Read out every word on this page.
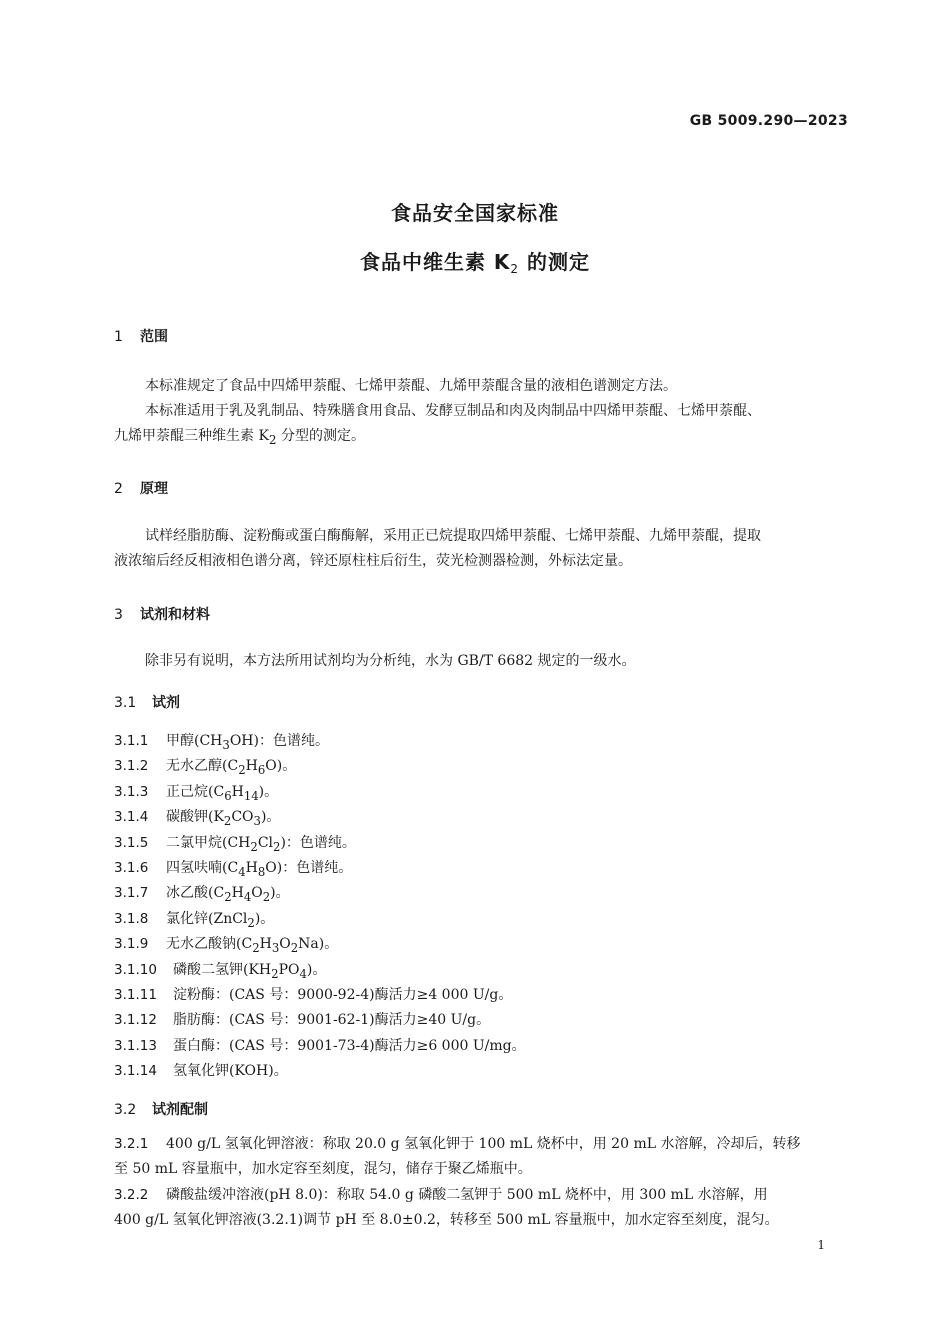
GB 5009.290—2023
食品安全国家标准
食品中维生素 $K_2$ 的测定
1 范围
本标准规定了食品中四烯甲萘醌、七烯甲萘醌、九烯甲萘醌含量的液相色谱测定方法。
本标准适用于乳及乳制品、特殊膳食用食品、发酵豆制品和肉及肉制品中四烯甲萘醌、七烯甲萘醌、
九烯甲萘醌三种维生素 K2 分型的测定。
2 原理
试样经脂肪酶、淀粉酶或蛋白酶酶解，采用正已烷提取四烯甲萘醌、七烯甲萘醌、九烯甲萘醌，提取
液浓缩后经反相液相色谱分离，锌还原柱柱后衍生，荧光检测器检测，外标法定量。
3 试剂和材料
除非另有说明，本方法所用试剂均为分析纯，水为 GB/T 6682 规定的一级水。
3.1 试剂
3.1.1 甲醇$(CH_3OH)$：色谱纯。
3.1.2 无水乙醇$(C_2H_6O)$。
3.1.3 正己烷$(C_6H_{14})$。
3.1.4 碳酸钾$(K_2CO_3)$。
3.1.5 二氯甲烷$(CH_2Cl_2)$：色谱纯。
3.1.6 四氢呋喃$(C_4H_8O)$：色谱纯。
3.1.7 冰乙酸$(C_2H_4O_2)$。
3.1.8 氯化锌(ZnCl$_2$)。
3.1.9 无水乙酸钠$(C_2H_3O_2Na)$。
3.1.10 磷酸二氢钾$(KH_2PO_4)$。
3.1.11 淀粉酶：(CAS 号：9000-92-4)酶活力≥4 000 U/g。
3.1.12 脂肪酶：(CAS 号：9001-62-1)酶活力≥40 U/g。
3.1.13 蛋白酶：(CAS 号：9001-73-4)酶活力≥6 000 U/mg。
3.1.14 氢氧化钾(KOH)。
3.2 试剂配制
3.2.1 400 g/L 氢氧化钾溶液：称取 20.0 g 氢氧化钾于 100 mL 烧杯中，用 20 mL 水溶解，冷却后，转移
至 50 mL 容量瓶中，加水定容至刻度，混匀，储存于聚乙烯瓶中。
3.2.2 磷酸盐缓冲溶液(pH 8.0)：称取 54.0 g 磷酸二氢钾于 500 mL 烧杯中，用 300 mL 水溶解，用
400 g/L 氢氧化钾溶液(3.2.1)调节 pH 至 8.0±0.2，转移至 500 mL 容量瓶中，加水定容至刻度，混匀。
1
